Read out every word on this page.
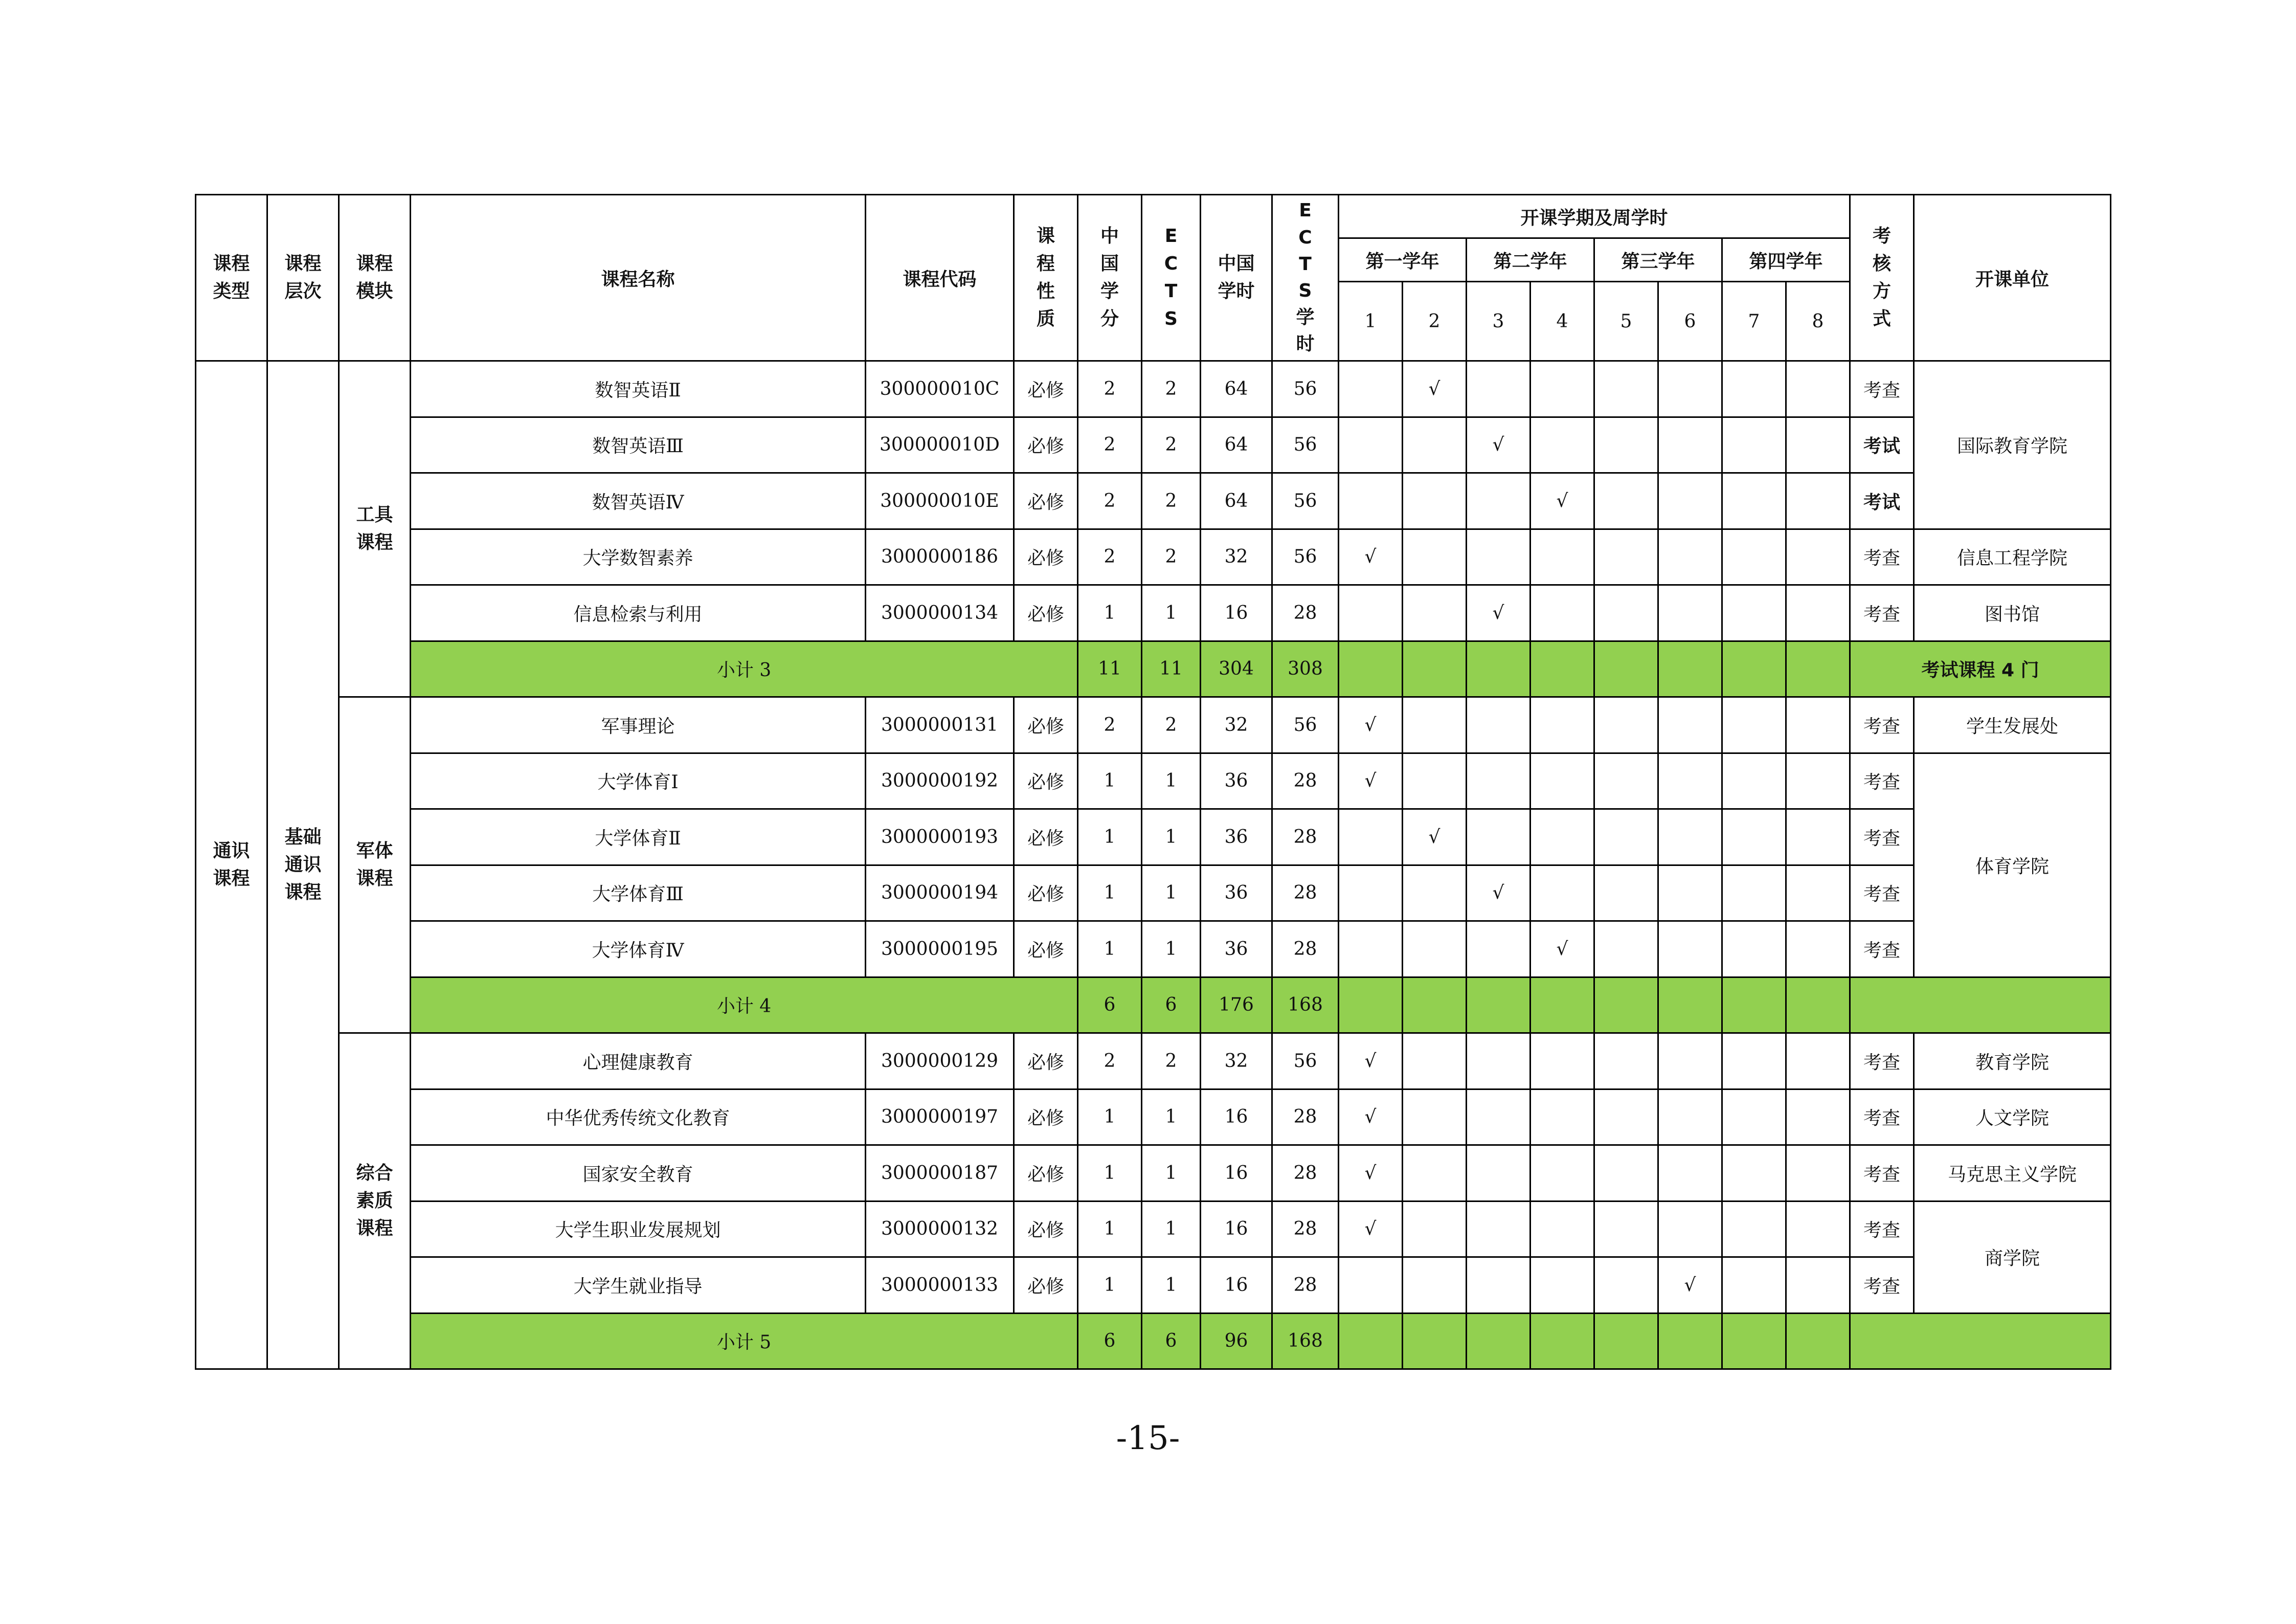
课程类型	课程层次	课程模块	课程名称	课程代码	课程性质	中国学分	ECTS	中国学时	ECTS学时	开课学期及周学时								考核方式	开课单位
										第一学年		第二学年		第三学年		第四学年			
										1	2	3	4	5	6	7	8		
通识课程	基础通识课程	工具课程	数智英语Ⅱ	300000010C	必修	2	2	64	56		√							考查	国际教育学院
			数智英语Ⅲ	300000010D	必修	2	2	64	56			√						考试	
			数智英语Ⅳ	300000010E	必修	2	2	64	56				√					考试	
			大学数智素养	3000000186	必修	2	2	32	56	√								考查	信息工程学院
			信息检索与利用	3000000134	必修	1	1	16	28			√						考查	图书馆
			小计 3			11	11	304	308									考试课程 4 门	
		军体课程	军事理论	3000000131	必修	2	2	32	56	√								考查	学生发展处
			大学体育Ⅰ	3000000192	必修	1	1	36	28	√								考查	体育学院
			大学体育Ⅱ	3000000193	必修	1	1	36	28		√							考查	
			大学体育Ⅲ	3000000194	必修	1	1	36	28			√						考查	
			大学体育Ⅳ	3000000195	必修	1	1	36	28				√					考查	
			小计 4			6	6	176	168										
		综合素质课程	心理健康教育	3000000129	必修	2	2	32	56	√								考查	教育学院
			中华优秀传统文化教育	3000000197	必修	1	1	16	28	√								考查	人文学院
			国家安全教育	3000000187	必修	1	1	16	28	√								考查	马克思主义学院
			大学生职业发展规划	3000000132	必修	1	1	16	28	√								考查	商学院
			大学生就业指导	3000000133	必修	1	1	16	28						√			考查	
			小计 5			6	6	96	168										
-15-
